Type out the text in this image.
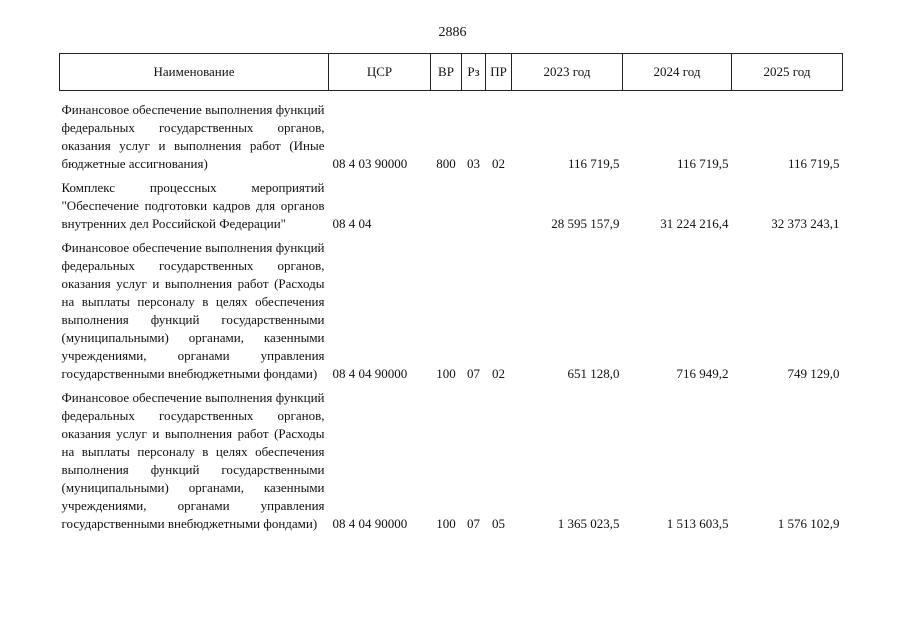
2886
Наименование	ЦСР	ВР	Рз	ПР	2023 год	2024 год	2025 год

Финансовое обеспечение выполнения функций федеральных государственных органов, оказания услуг и выполнения работ (Иные бюджетные ассигнования)	08 4 03 90000	800	03	02	116 719,5	116 719,5	116 719,5

Комплекс процессных мероприятий "Обеспечение подготовки кадров для органов внутренних дел Российской Федерации"	08 4 04				28 595 157,9	31 224 216,4	32 373 243,1

Финансовое обеспечение выполнения функций федеральных государственных органов, оказания услуг и выполнения работ (Расходы на выплаты персоналу в целях обеспечения выполнения функций государственными (муниципальными) органами, казенными учреждениями, органами управления государственными внебюджетными фондами)	08 4 04 90000	100	07	02	651 128,0	716 949,2	749 129,0

Финансовое обеспечение выполнения функций федеральных государственных органов, оказания услуг и выполнения работ (Расходы на выплаты персоналу в целях обеспечения выполнения функций государственными (муниципальными) органами, казенными учреждениями, органами управления государственными внебюджетными фондами)	08 4 04 90000	100	07	05	1 365 023,5	1 513 603,5	1 576 102,9
